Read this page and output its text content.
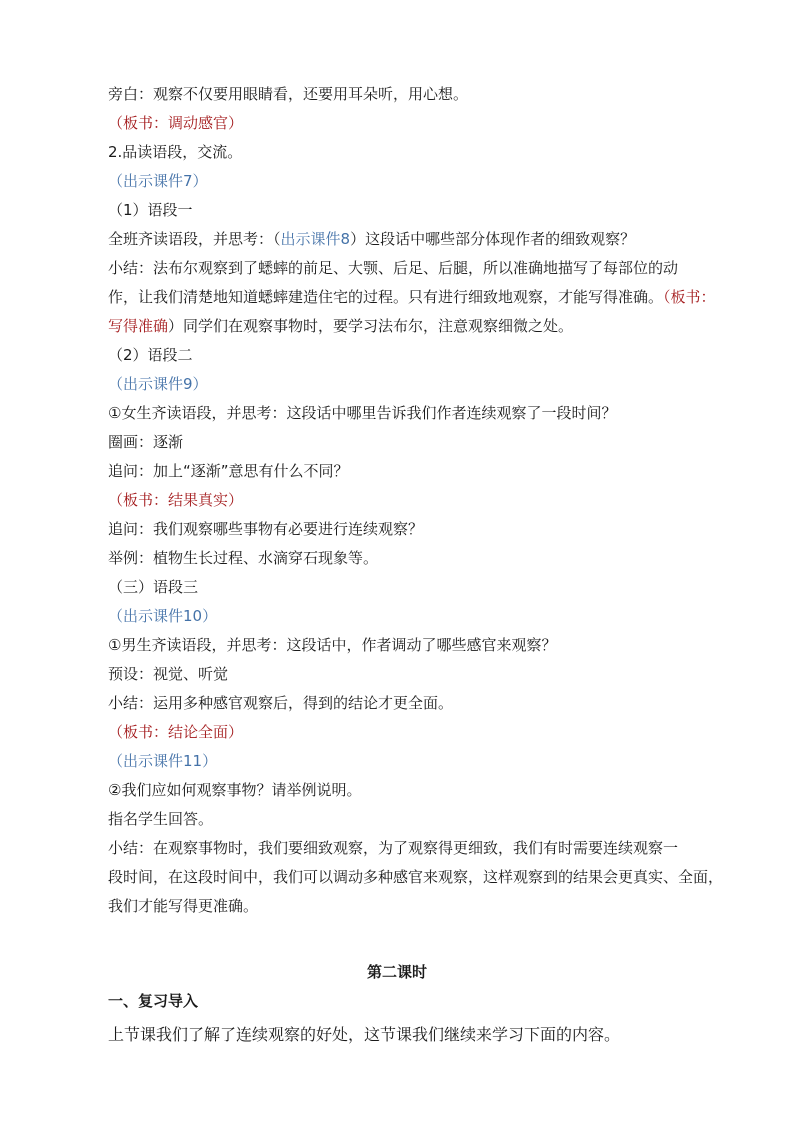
旁白：观察不仅要用眼睛看，还要用耳朵听，用心想。
（板书：调动感官）
2.品读语段，交流。
（出示课件7）
（1）语段一
全班齐读语段，并思考：（出示课件8）这段话中哪些部分体现作者的细致观察？
小结：法布尔观察到了蟋蟀的前足、大颚、后足、后腿，所以准确地描写了每部位的动
作，让我们清楚地知道蟋蟀建造住宅的过程。只有进行细致地观察，才能写得准确。（板书：
写得准确）同学们在观察事物时，要学习法布尔，注意观察细微之处。
（2）语段二
（出示课件9）
①女生齐读语段，并思考：这段话中哪里告诉我们作者连续观察了一段时间？
圈画：逐渐
追问：加上“逐渐”意思有什么不同？
（板书：结果真实）
追问：我们观察哪些事物有必要进行连续观察？
举例：植物生长过程、水滴穿石现象等。
（三）语段三
（出示课件10）
①男生齐读语段，并思考：这段话中，作者调动了哪些感官来观察？
预设：视觉、听觉
小结：运用多种感官观察后，得到的结论才更全面。
（板书：结论全面）
（出示课件11）
②我们应如何观察事物？请举例说明。
指名学生回答。
小结：在观察事物时，我们要细致观察，为了观察得更细致，我们有时需要连续观察一
段时间，在这段时间中，我们可以调动多种感官来观察，这样观察到的结果会更真实、全面，
我们才能写得更准确。
第二课时
一、复习导入
上节课我们了解了连续观察的好处，这节课我们继续来学习下面的内容。
